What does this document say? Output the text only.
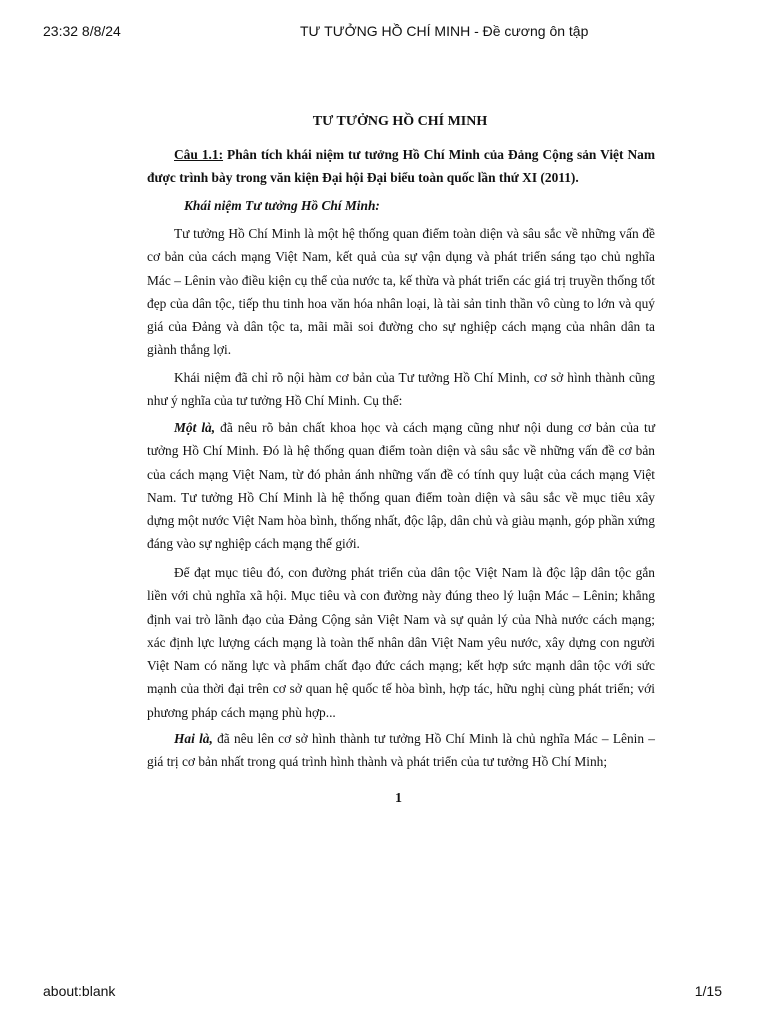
23:32 8/8/24	TƯ TƯỞNG HỒ CHÍ MINH - Đề cương ôn tập
TƯ TƯỞNG HỒ CHÍ MINH

Câu 1.1: Phân tích khái niệm tư tưởng Hồ Chí Minh của Đảng Cộng sản Việt Nam được trình bày trong văn kiện Đại hội Đại biểu toàn quốc lần thứ XI (2011).

Khái niệm Tư tưởng Hồ Chí Minh:

Tư tưởng Hồ Chí Minh là một hệ thống quan điểm toàn diện và sâu sắc về những vấn đề cơ bản của cách mạng Việt Nam, kết quả của sự vận dụng và phát triển sáng tạo chủ nghĩa Mác – Lênin vào điều kiện cụ thể của nước ta, kế thừa và phát triển các giá trị truyền thống tốt đẹp của dân tộc, tiếp thu tinh hoa văn hóa nhân loại, là tài sản tinh thần vô cùng to lớn và quý giá của Đảng và dân tộc ta, mãi mãi soi đường cho sự nghiệp cách mạng của nhân dân ta giành thắng lợi.

Khái niệm đã chỉ rõ nội hàm cơ bản của Tư tưởng Hồ Chí Minh, cơ sở hình thành cũng như ý nghĩa của tư tưởng Hồ Chí Minh. Cụ thể:

Một là, đã nêu rõ bản chất khoa học và cách mạng cũng như nội dung cơ bản của tư tưởng Hồ Chí Minh. Đó là hệ thống quan điểm toàn diện và sâu sắc về những vấn đề cơ bản của cách mạng Việt Nam, từ đó phản ánh những vấn đề có tính quy luật của cách mạng Việt Nam. Tư tưởng Hồ Chí Minh là hệ thống quan điểm toàn diện và sâu sắc về mục tiêu xây dựng một nước Việt Nam hòa bình, thống nhất, độc lập, dân chủ và giàu mạnh, góp phần xứng đáng vào sự nghiệp cách mạng thế giới.

Để đạt mục tiêu đó, con đường phát triển của dân tộc Việt Nam là độc lập dân tộc gắn liền với chủ nghĩa xã hội. Mục tiêu và con đường này đúng theo lý luận Mác – Lênin; khẳng định vai trò lãnh đạo của Đảng Cộng sản Việt Nam và sự quản lý của Nhà nước cách mạng; xác định lực lượng cách mạng là toàn thể nhân dân Việt Nam yêu nước, xây dựng con người Việt Nam có năng lực và phẩm chất đạo đức cách mạng; kết hợp sức mạnh dân tộc với sức mạnh của thời đại trên cơ sở quan hệ quốc tế hòa bình, hợp tác, hữu nghị cùng phát triển; với phương pháp cách mạng phù hợp...

Hai là, đã nêu lên cơ sở hình thành tư tưởng Hồ Chí Minh là chủ nghĩa Mác – Lênin – giá trị cơ bản nhất trong quá trình hình thành và phát triển của tư tưởng Hồ Chí Minh;

1
about:blank	1/15
